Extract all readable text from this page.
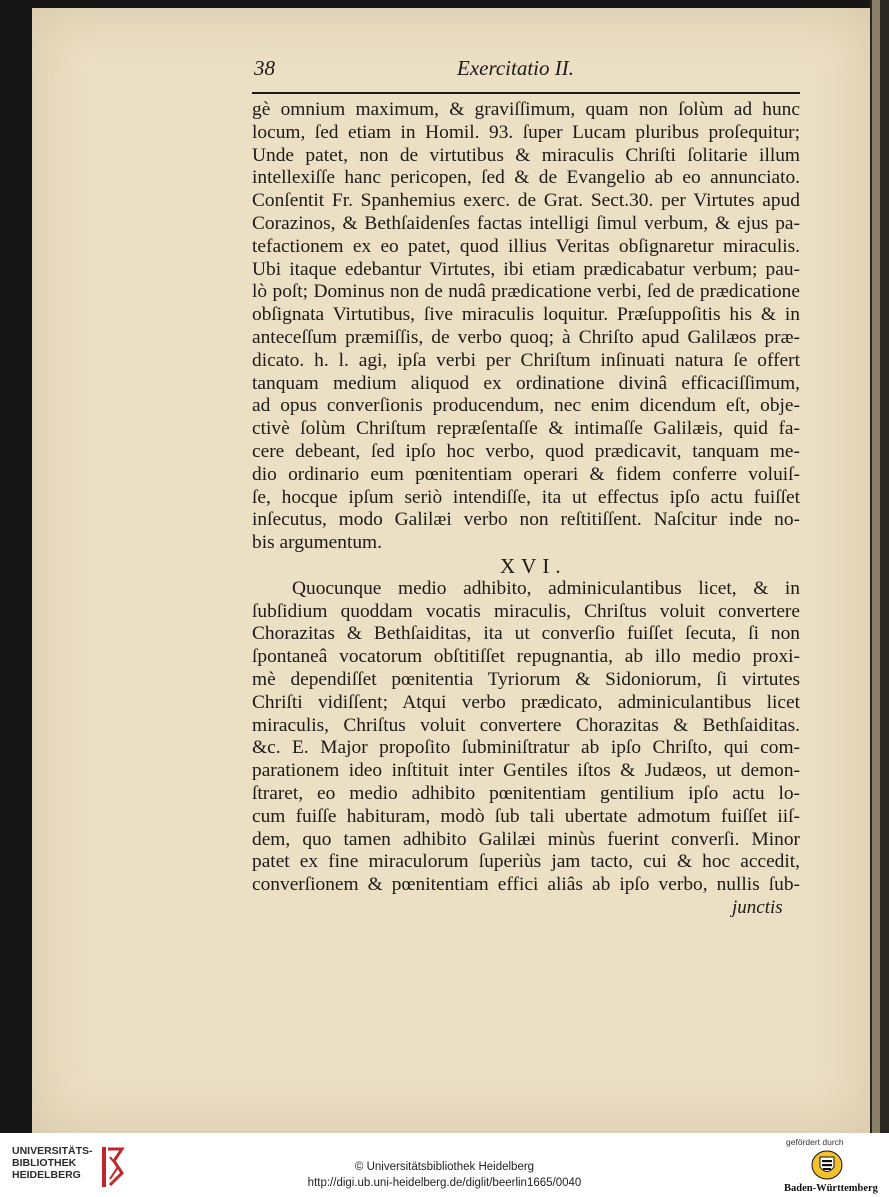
38	Exercitatio II.
gè omnium maximum, & graviſſimum, quam non ſolùm ad hunc
locum, ſed etiam in Homil. 93. ſuper Lucam pluribus proſequitur;
Unde patet, non de virtutibus & miraculis Chriſti ſolitarie illum
intellexiſſe hanc pericopen, ſed & de Evangelio ab eo annunciato.
Conſentit Fr. Spanhemius exerc. de Grat. Sect.30. per Virtutes apud
Corazinos, & Bethſaidenſes factas intelligi ſimul verbum, & ejus pa-
tefactionem ex eo patet, quod illius Veritas obſignaretur miraculis.
Ubi itaque edebantur Virtutes, ibi etiam prædicabatur verbum; pau-
lò poſt; Dominus non de nudâ prædicatione verbi, ſed de prædicatione
obſignata Virtutibus, ſive miraculis loquitur. Præſuppoſitis his & in
anteceſſum præmiſſis, de verbo quoq; à Chriſto apud Galilæos præ-
dicato. h. l. agi, ipſa verbi per Chriſtum inſinuati natura ſe offert
tanquam medium aliquod ex ordinatione divinâ efficaciſſimum,
ad opus converſionis producendum, nec enim dicendum eſt, obje-
ctivè ſolùm Chriſtum repræſentaſſe & intimaſſe Galilæis, quid fa-
cere debeant, ſed ipſo hoc verbo, quod prædicavit, tanquam me-
dio ordinario eum pœnitentiam operari & fidem conferre voluiſ-
ſe, hocque ipſum seriò intendiſſe, ita ut effectus ipſo actu fuiſſet
inſecutus, modo Galilæi verbo non reſtitiſſent. Naſcitur inde no-
bis argumentum.
XVI.
Quocunque medio adhibito, adminiculantibus licet, & in
ſubſidium quoddam vocatis miraculis, Chriſtus voluit convertere
Chorazitas & Bethſaiditas, ita ut converſio fuiſſet ſecuta, ſi non
ſpontaneâ vocatorum obſtitiſſet repugnantia, ab illo medio proxi-
mè dependiſſet pœnitentia Tyriorum & Sidoniorum, ſi virtutes
Chriſti vidiſſent; Atqui verbo prædicato, adminiculantibus licet
miraculis, Chriſtus voluit convertere Chorazitas & Bethſaiditas.
&c. E. Major propoſito ſubminiſtratur ab ipſo Chriſto, qui com-
parationem ideo inſtituit inter Gentiles iſtos & Judæos, ut demon-
ſtraret, eo medio adhibito pœnitentiam gentilium ipſo actu lo-
cum fuiſſe habituram, modò ſub tali ubertate admotum fuiſſet iiſ-
dem, quo tamen adhibito Galilæi minùs fuerint converſi. Minor
patet ex fine miraculorum ſuperiùs jam tacto, cui & hoc accedit,
converſionem & pœnitentiam effici aliâs ab ipſo verbo, nullis ſub-
junctis
UNIVERSITÄTS-
BIBLIOTHEK
HEIDELBERG
© Universitätsbibliothek Heidelberg
http://digi.ub.uni-heidelberg.de/diglit/beerlin1665/0040
gefördert durch
Baden-Württemberg
